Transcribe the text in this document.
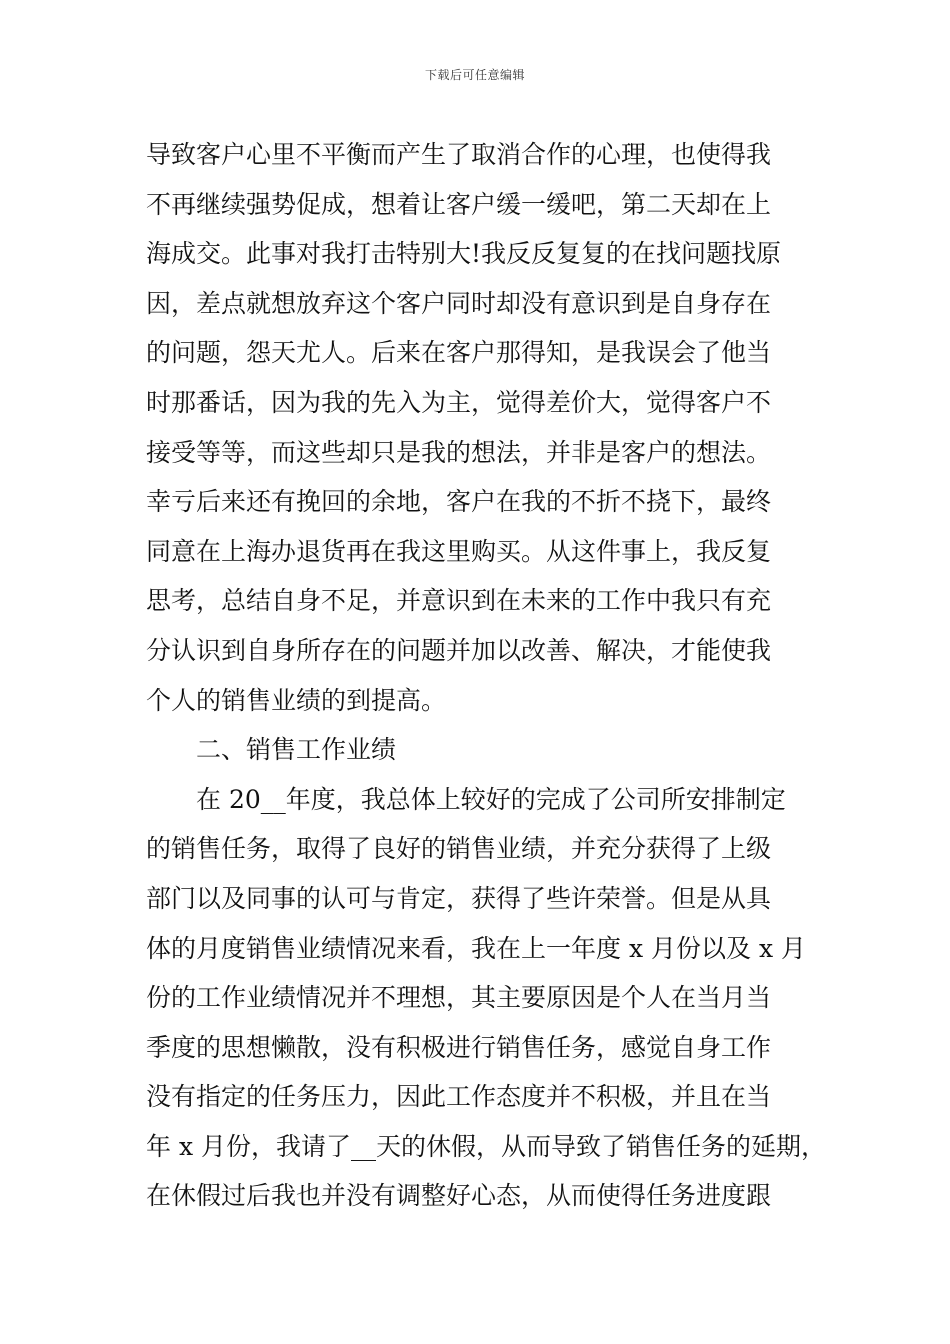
下载后可任意编辑
导致客户心里不平衡而产生了取消合作的心理，也使得我
不再继续强势促成，想着让客户缓一缓吧，第二天却在上
海成交。此事对我打击特别大!我反反复复的在找问题找原
因，差点就想放弃这个客户同时却没有意识到是自身存在
的问题，怨天尤人。后来在客户那得知，是我误会了他当
时那番话，因为我的先入为主，觉得差价大，觉得客户不
接受等等，而这些却只是我的想法，并非是客户的想法。
幸亏后来还有挽回的余地，客户在我的不折不挠下，最终
同意在上海办退货再在我这里购买。从这件事上，我反复
思考，总结自身不足，并意识到在未来的工作中我只有充
分认识到自身所存在的问题并加以改善、解决，才能使我
个人的销售业绩的到提高。
二、销售工作业绩
在 20__年度，我总体上较好的完成了公司所安排制定
的销售任务，取得了良好的销售业绩，并充分获得了上级
部门以及同事的认可与肯定，获得了些许荣誉。但是从具
体的月度销售业绩情况来看，我在上一年度 x 月份以及 x 月
份的工作业绩情况并不理想，其主要原因是个人在当月当
季度的思想懒散，没有积极进行销售任务，感觉自身工作
没有指定的任务压力，因此工作态度并不积极，并且在当
年 x 月份，我请了__天的休假，从而导致了销售任务的延期，
在休假过后我也并没有调整好心态，从而使得任务进度跟
